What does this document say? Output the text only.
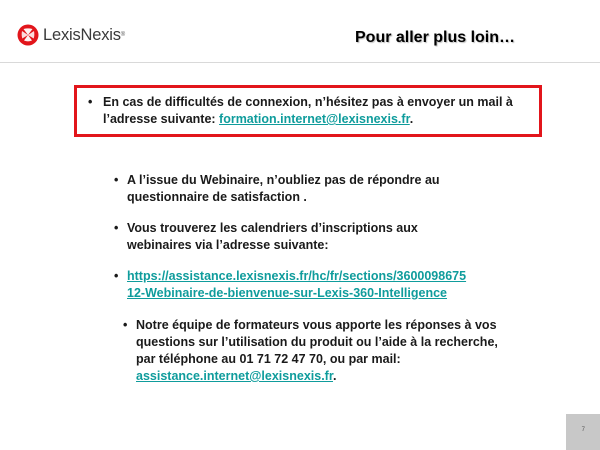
LexisNexis ®	Pour aller plus loin…
• En cas de difficultés de connexion, n’hésitez pas à envoyer un mail à l’adresse suivante: formation.internet@lexisnexis.fr.
• A l’issue du Webinaire, n’oubliez pas de répondre au questionnaire de satisfaction .
• Vous trouverez les calendriers d’inscriptions aux webinaires via l’adresse suivante:
• https://assistance.lexisnexis.fr/hc/fr/sections/360009867512-Webinaire-de-bienvenue-sur-Lexis-360-Intelligence
• Notre équipe de formateurs vous apporte les réponses à vos questions sur l’utilisation du produit ou l’aide à la recherche, par téléphone au 01 71 72 47 70, ou par mail: assistance.internet@lexisnexis.fr.
7
